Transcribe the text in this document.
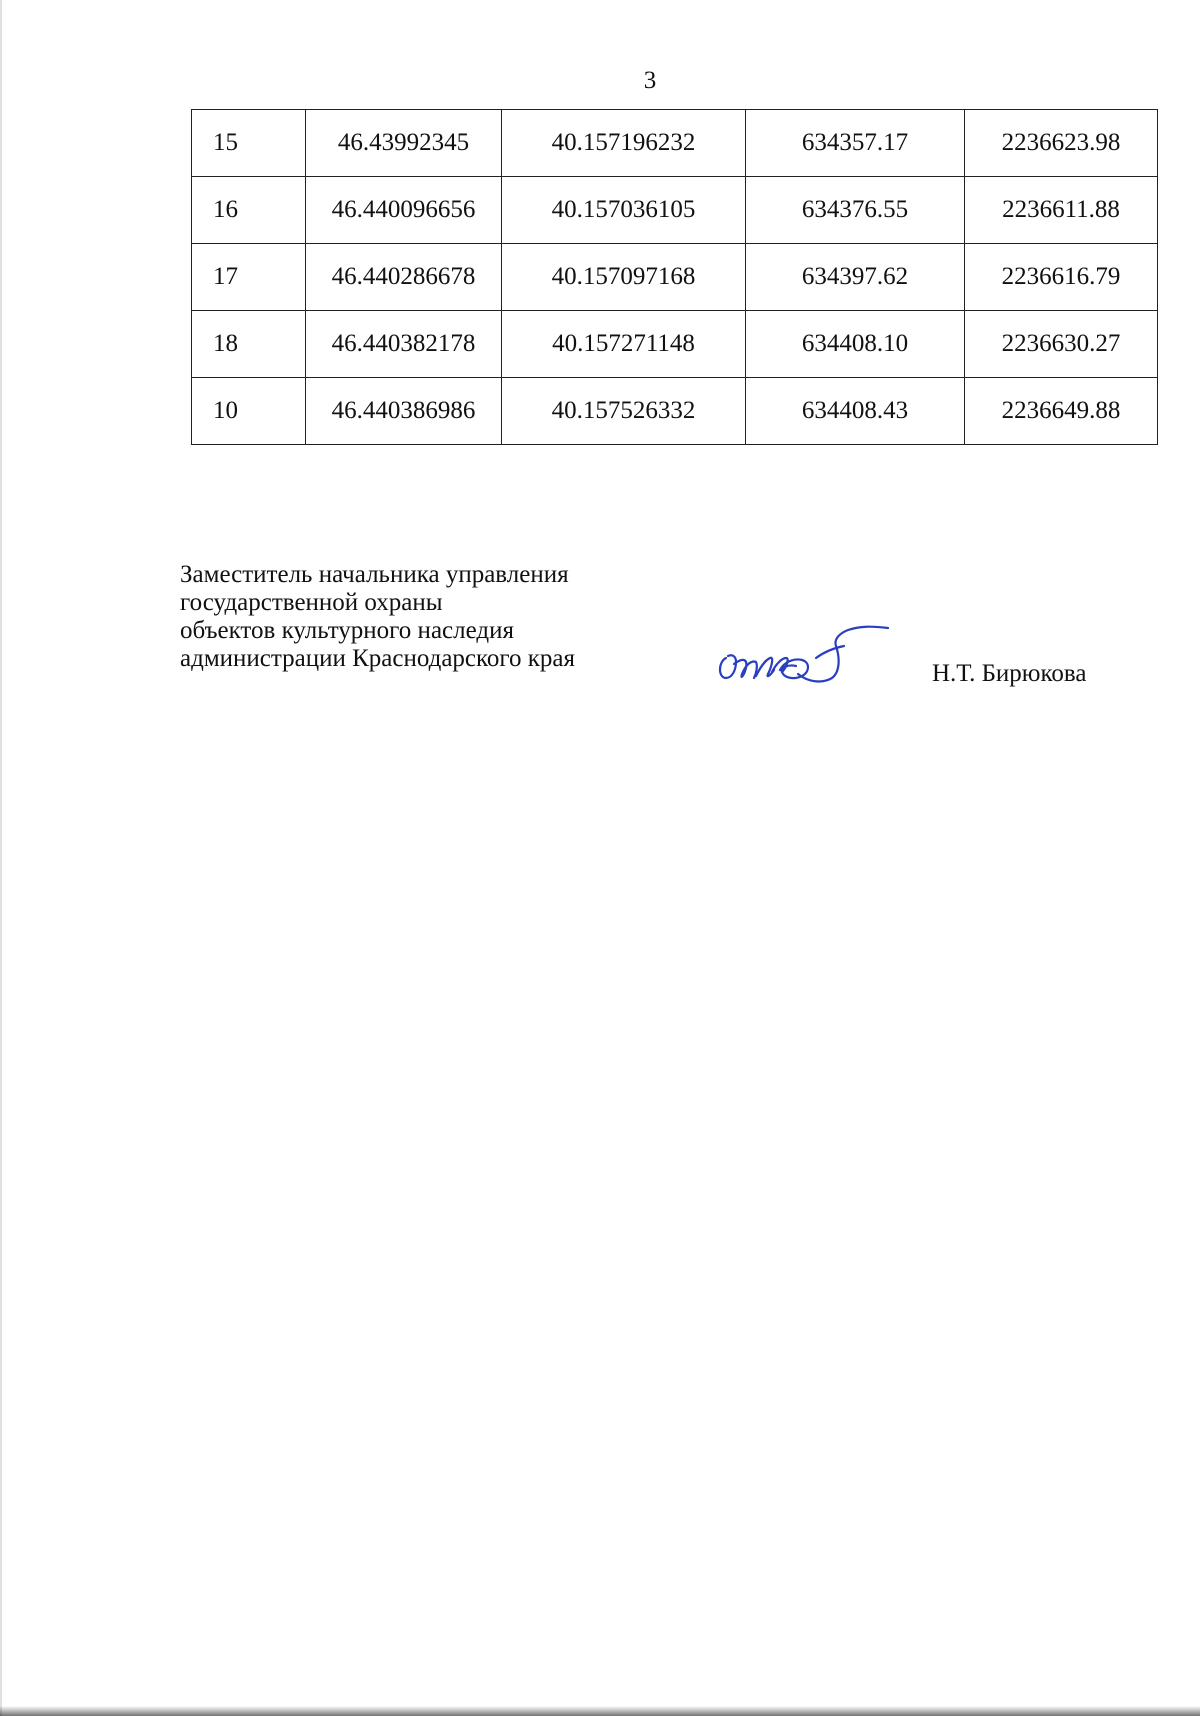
3
15	46.43992345	40.157196232	634357.17	2236623.98
16	46.440096656	40.157036105	634376.55	2236611.88
17	46.440286678	40.157097168	634397.62	2236616.79
18	46.440382178	40.157271148	634408.10	2236630.27
10	46.440386986	40.157526332	634408.43	2236649.88
Заместитель начальника управления
государственной охраны
объектов культурного наследия
администрации Краснодарского края
Н.Т. Бирюкова
